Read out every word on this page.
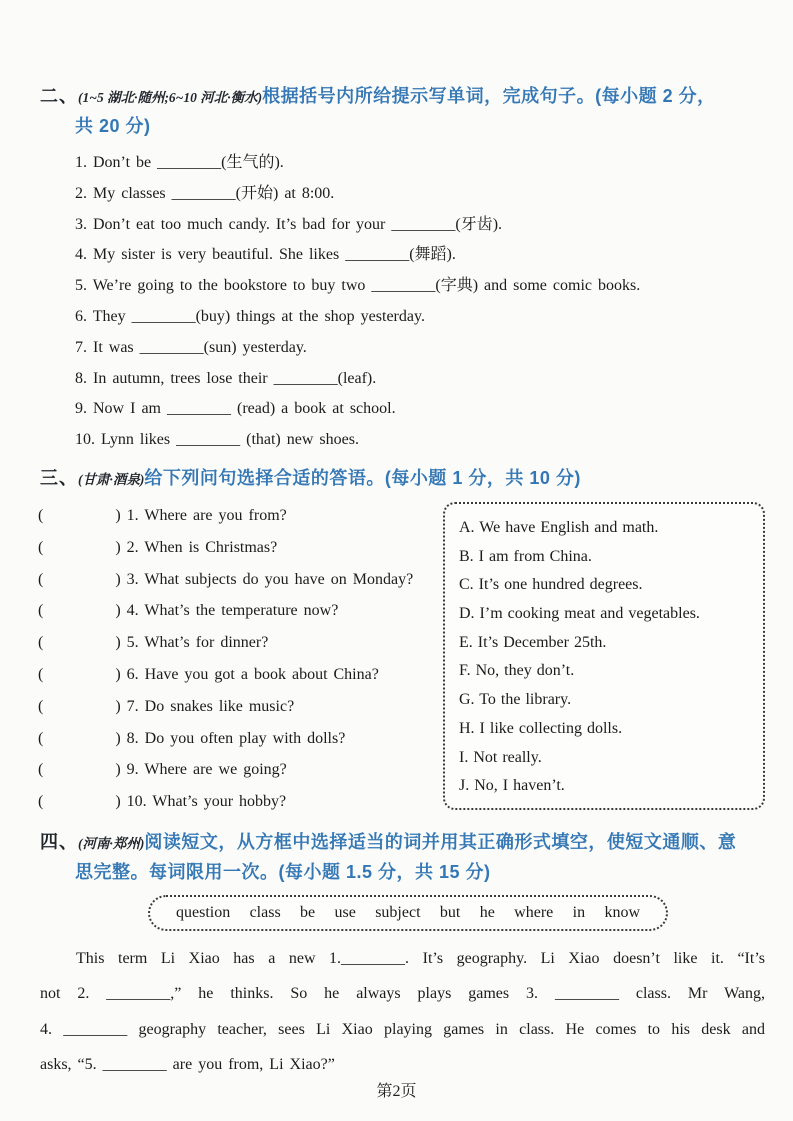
二、(1~5 湖北·随州;6~10 河北·衡水)根据括号内所给提示写单词，完成句子。(每小题 2 分，
共 20 分)
1. Don’t be ________(生气的).
2. My classes ________(开始) at 8:00.
3. Don’t eat too much candy. It’s bad for your ________(牙齿).
4. My sister is very beautiful. She likes ________(舞蹈).
5. We’re going to the bookstore to buy two ________(字典) and some comic books.
6. They ________(buy) things at the shop yesterday.
7. It was ________(sun) yesterday.
8. In autumn, trees lose their ________(leaf).
9. Now I am ________ (read) a book at school.
10. Lynn likes ________ (that) new shoes.
三、(甘肃·酒泉)给下列问句选择合适的答语。(每小题 1 分，共 10 分)
(            ) 1. Where are you from?
(            ) 2. When is Christmas?
(            ) 3. What subjects do you have on Monday?
(            ) 4. What’s the temperature now?
(            ) 5. What’s for dinner?
(            ) 6. Have you got a book about China?
(            ) 7. Do snakes like music?
(            ) 8. Do you often play with dolls?
(            ) 9. Where are we going?
(            ) 10. What’s your hobby?
A. We have English and math.
B. I am from China.
C. It’s one hundred degrees.
D. I’m cooking meat and vegetables.
E. It’s December 25th.
F. No, they don’t.
G. To the library.
H. I like collecting dolls.
I. Not really.
J. No, I haven’t.
四、(河南·郑州)阅读短文，从方框中选择适当的词并用其正确形式填空，使短文通顺、意
思完整。每词限用一次。(每小题 1.5 分，共 15 分)
question class be use subject but he where in know
This term Li Xiao has a new 1.________. It’s geography. Li Xiao doesn’t like it. “It’s
not 2. ________,” he thinks. So he always plays games 3. ________ class. Mr Wang,
4. ________ geography teacher, sees Li Xiao playing games in class. He comes to his desk and
asks, “5. ________ are you from, Li Xiao?”
第2页
